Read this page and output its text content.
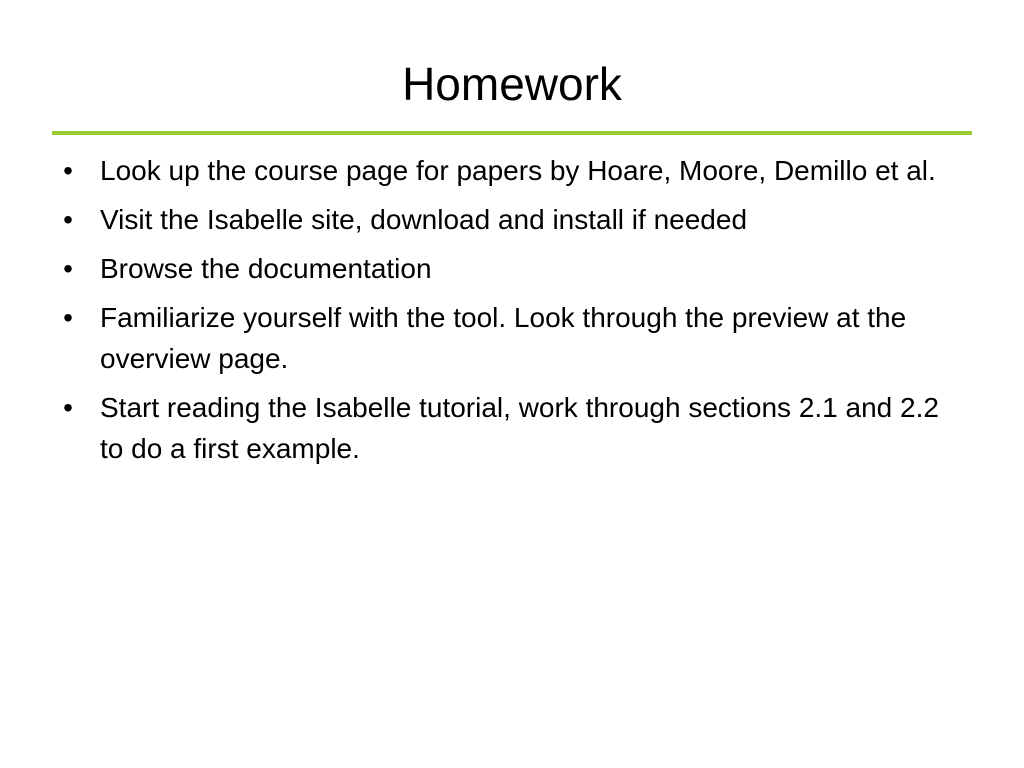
Homework
• Look up the course page for papers by Hoare, Moore, Demillo et al.
• Visit the Isabelle site, download and install if needed
• Browse the documentation
• Familiarize yourself with the tool. Look through the preview at the overview page.
• Start reading the Isabelle tutorial, work through sections 2.1 and 2.2 to do a first example.
